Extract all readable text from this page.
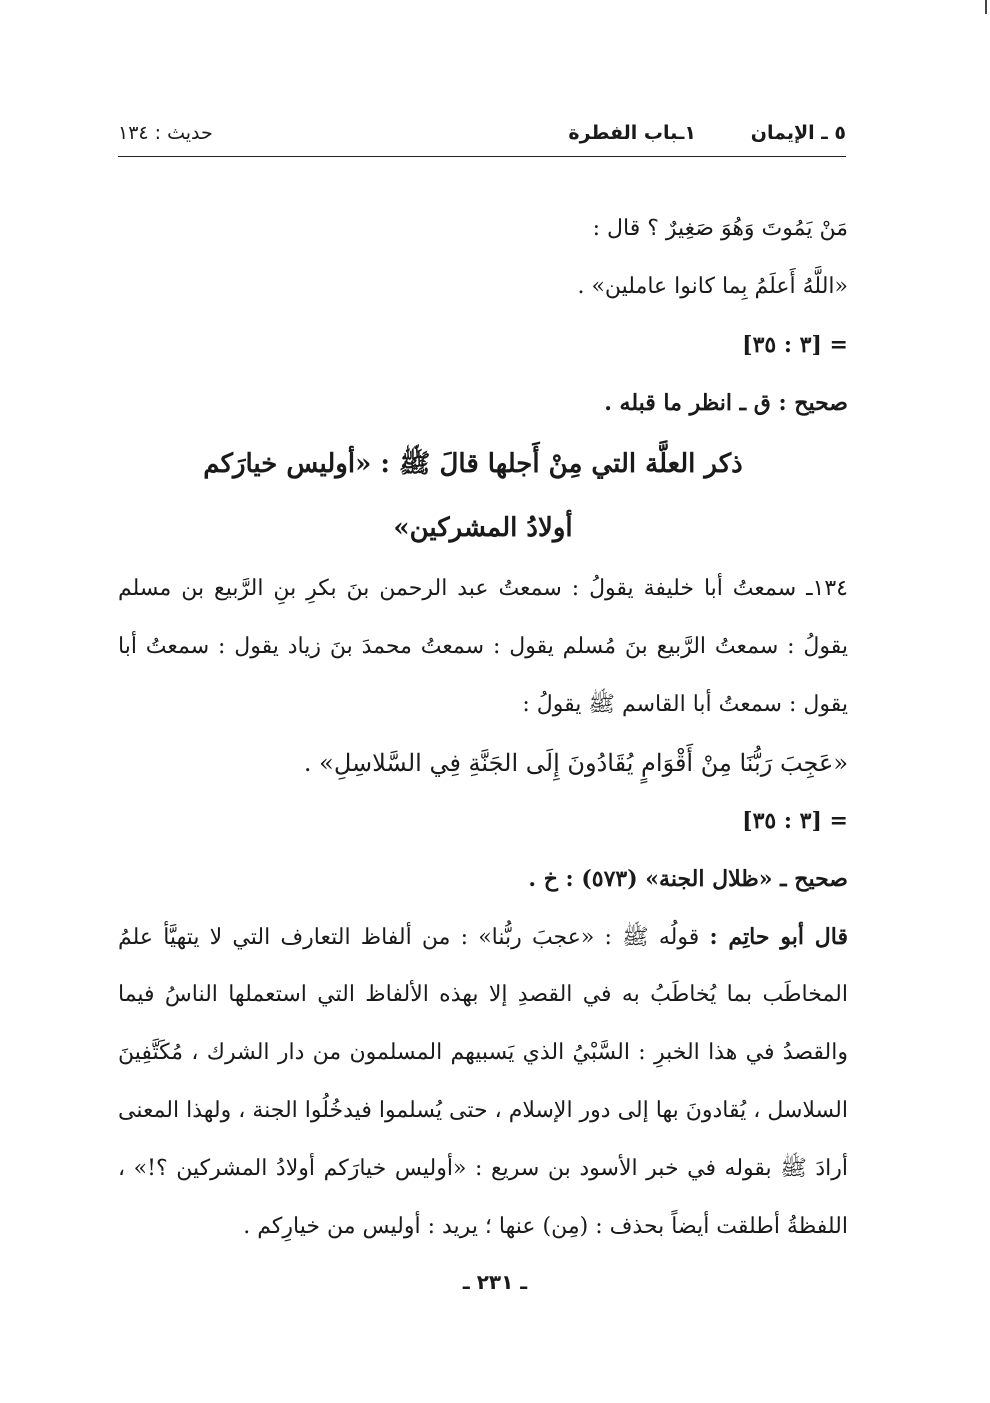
٥ ـ الإيمان
١ـباب الفطرة
حديث : ١٣٤
مَنْ يَمُوتَ وَهُوَ صَغِيرٌ ؟ قال :
«اللَّهُ أَعلَمُ بِما كانوا عاملين» .
= [٣ : ٣٥]
صحيح : ق ـ انظر ما قبله .
ذكر العلَّة التي مِنْ أَجلها قالَ ﷺ : «أوليس خيارَكم
أولادُ المشركين»
١٣٤ـ سمعتُ أبا خليفة يقولُ : سمعتُ عبد الرحمن بنَ بكرِ بنِ الرَّبيع بن مسلم
يقولُ : سمعتُ الرَّبيع بنَ مُسلم يقول : سمعتُ محمدَ بنَ زياد يقول : سمعتُ أبا
يقول : سمعتُ أبا القاسم ﷺ يقولُ :
«عَجِبَ رَبُّنَا مِنْ أَقْوَامٍ يُقَادُونَ إِلَى الجَنَّةِ فِي السَّلاسِلِ» .
= [٣ : ٣٥]
صحيح ـ «ظلال الجنة» (٥٧٣) : خ .
قال أبو حاتِم : قولُه ﷺ : «عجبَ ربُّنا» : من ألفاظ التعارف التي لا يتهيَّأ علمُ
المخاطَب بما يُخاطَبُ به في القصدِ إلا بهذه الألفاظ التي استعملها الناسُ فيما
والقصدُ في هذا الخبرِ : السَّبْيُ الذي يَسبيهم المسلمون من دار الشرك ، مُكَتَّفِينَ
السلاسل ، يُقادونَ بها إلى دور الإسلام ، حتى يُسلموا فيدخُلُوا الجنة ، ولهذا المعنى
أرادَ ﷺ بقوله في خبر الأسود بن سريع : «أوليس خيارَكم أولادُ المشركين ؟!» ،
اللفظةُ أطلقت أيضاً بحذف : (مِن) عنها ؛ يريد : أوليس من خيارِكم .
ـ ٢٣١ ـ
